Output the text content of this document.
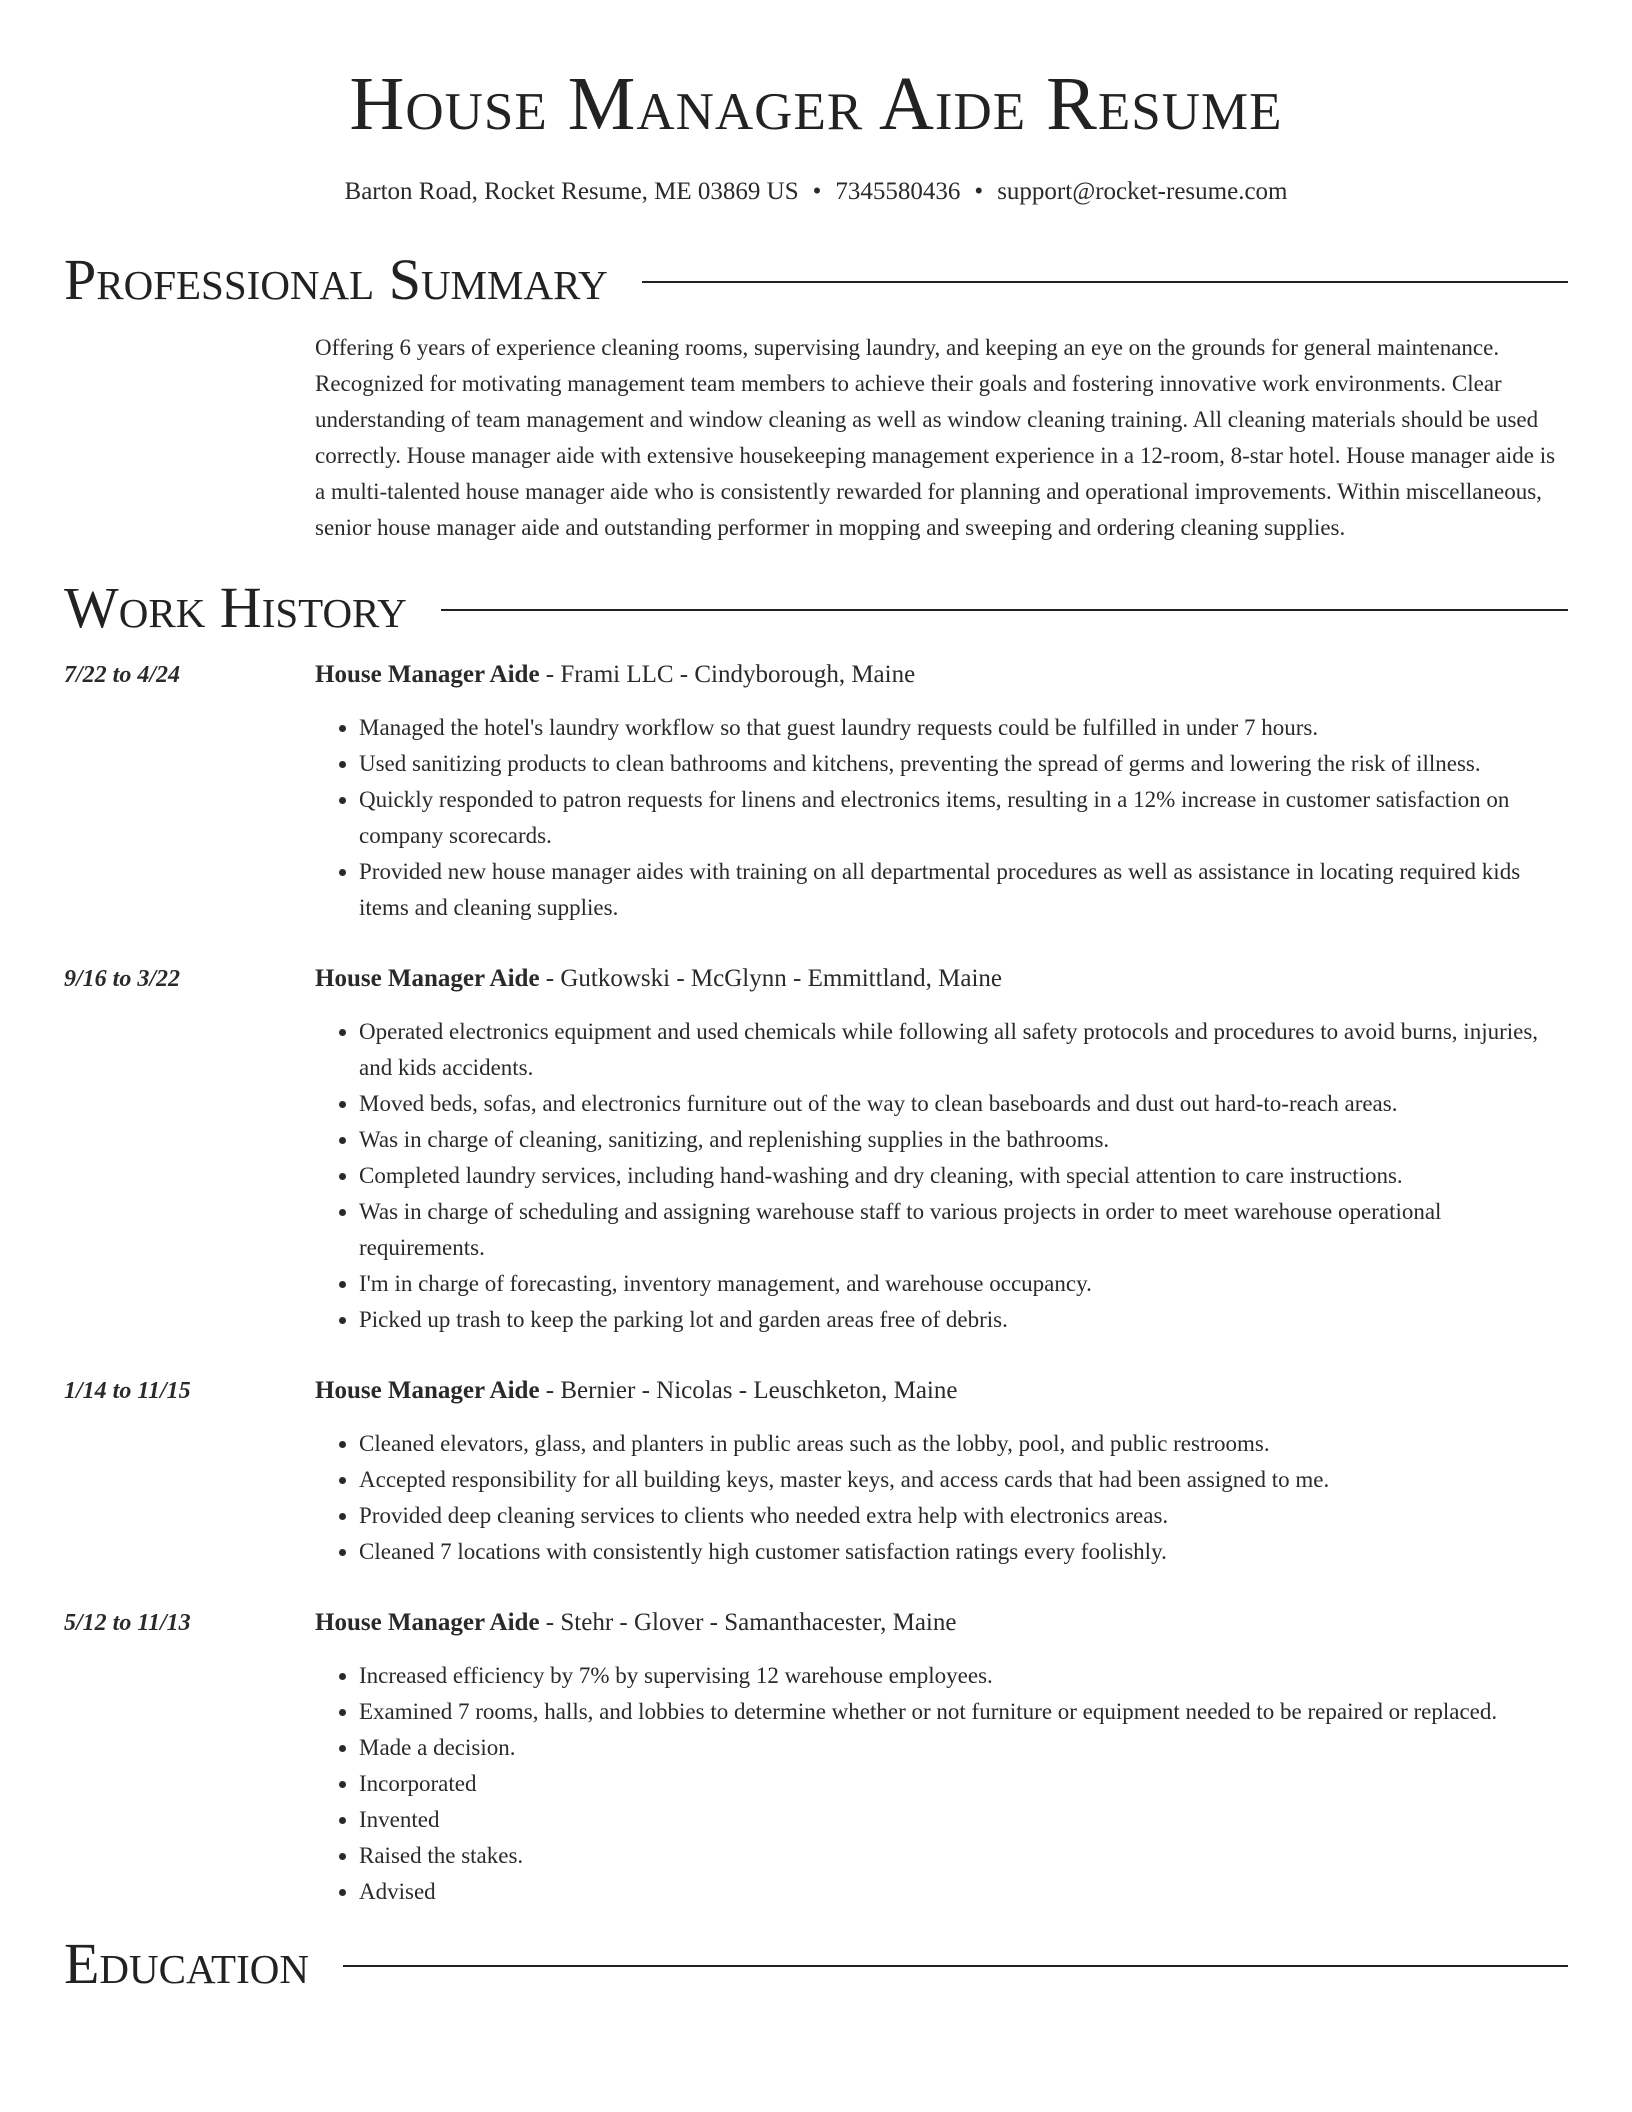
House Manager Aide Resume
Barton Road, Rocket Resume, ME 03869 US • 7345580436 • support@rocket-resume.com
Professional Summary
Offering 6 years of experience cleaning rooms, supervising laundry, and keeping an eye on the grounds for general maintenance. Recognized for motivating management team members to achieve their goals and fostering innovative work environments. Clear understanding of team management and window cleaning as well as window cleaning training. All cleaning materials should be used correctly. House manager aide with extensive housekeeping management experience in a 12-room, 8-star hotel. House manager aide is a multi-talented house manager aide who is consistently rewarded for planning and operational improvements. Within miscellaneous, senior house manager aide and outstanding performer in mopping and sweeping and ordering cleaning supplies.
Work History
7/22 to 4/24	House Manager Aide - Frami LLC - Cindyborough, Maine
• Managed the hotel's laundry workflow so that guest laundry requests could be fulfilled in under 7 hours.
• Used sanitizing products to clean bathrooms and kitchens, preventing the spread of germs and lowering the risk of illness.
• Quickly responded to patron requests for linens and electronics items, resulting in a 12% increase in customer satisfaction on company scorecards.
• Provided new house manager aides with training on all departmental procedures as well as assistance in locating required kids items and cleaning supplies.
9/16 to 3/22	House Manager Aide - Gutkowski - McGlynn - Emmittland, Maine
• Operated electronics equipment and used chemicals while following all safety protocols and procedures to avoid burns, injuries, and kids accidents.
• Moved beds, sofas, and electronics furniture out of the way to clean baseboards and dust out hard-to-reach areas.
• Was in charge of cleaning, sanitizing, and replenishing supplies in the bathrooms.
• Completed laundry services, including hand-washing and dry cleaning, with special attention to care instructions.
• Was in charge of scheduling and assigning warehouse staff to various projects in order to meet warehouse operational requirements.
• I'm in charge of forecasting, inventory management, and warehouse occupancy.
• Picked up trash to keep the parking lot and garden areas free of debris.
1/14 to 11/15	House Manager Aide - Bernier - Nicolas - Leuschketon, Maine
• Cleaned elevators, glass, and planters in public areas such as the lobby, pool, and public restrooms.
• Accepted responsibility for all building keys, master keys, and access cards that had been assigned to me.
• Provided deep cleaning services to clients who needed extra help with electronics areas.
• Cleaned 7 locations with consistently high customer satisfaction ratings every foolishly.
5/12 to 11/13	House Manager Aide - Stehr - Glover - Samanthacester, Maine
• Increased efficiency by 7% by supervising 12 warehouse employees.
• Examined 7 rooms, halls, and lobbies to determine whether or not furniture or equipment needed to be repaired or replaced.
• Made a decision.
• Incorporated
• Invented
• Raised the stakes.
• Advised
Education
